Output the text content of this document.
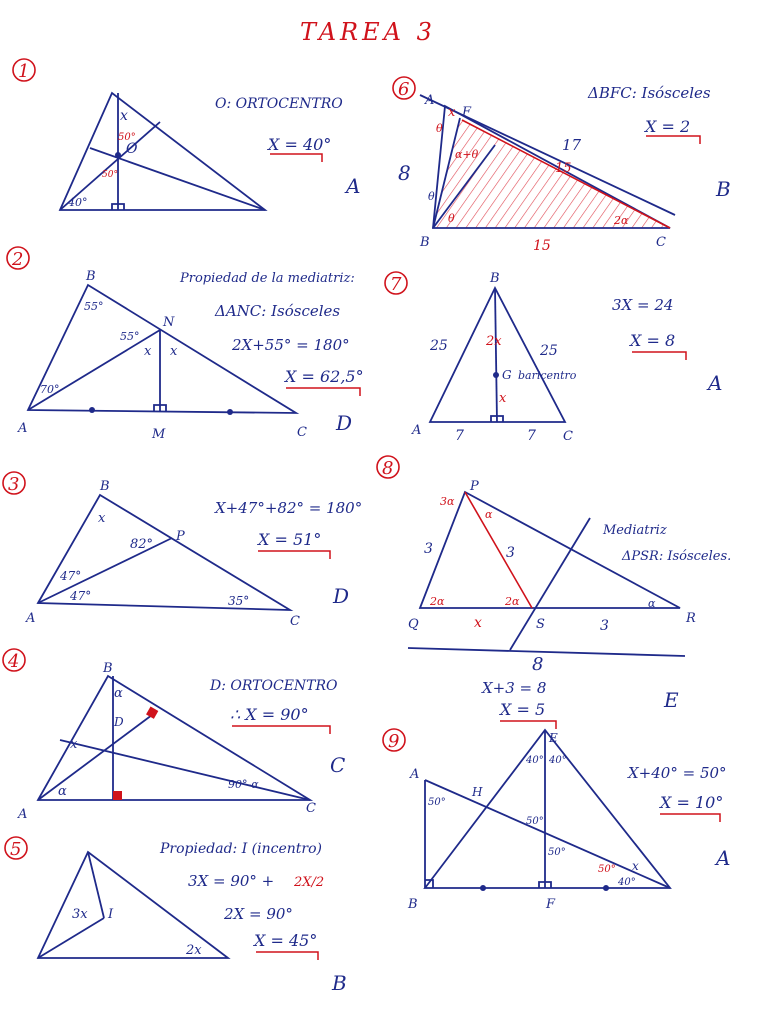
TAREA 3
1
O
x
50°
50°
40°
O: ORTOCENTRO
X = 40°
A
6
A
F
B	C
x
θ
α+θ
θ
θ	2α
8
17
15
15
ΔBFC: Isósceles
X = 2
B
2
B
N
A	M	C
55°
55°
x x
70°
Propiedad de la mediatriz:
ΔANC: Isósceles
2X+55° = 180°
X = 62,5°
D
7	B
A	C
2x
G baricentro
x
25	25
7	7
3X = 24
X = 8
A
3	B
P
A	C
x
82°
47°
47°	35°
X+47°+82° = 180°
X = 51°
D
8
P
Q	S	R
3α
α
2α	2α	α
3	3
x	3
8
Mediatriz
ΔPSR: Isósceles.
X+3 = 8
X = 5	E
4	B
D
A	C
α
x
α	90°-α
D: ORTOCENTRO
∴ X = 90°
C
9	E
A
H
B	F
40° 40°
50°
50°
50°
50° x
40°
X+40° = 50°
X = 10°
A
5
I
3x
2x
Propiedad: I (incentro)
3X = 90° + 2X/2
2X = 90°
X = 45°
B
